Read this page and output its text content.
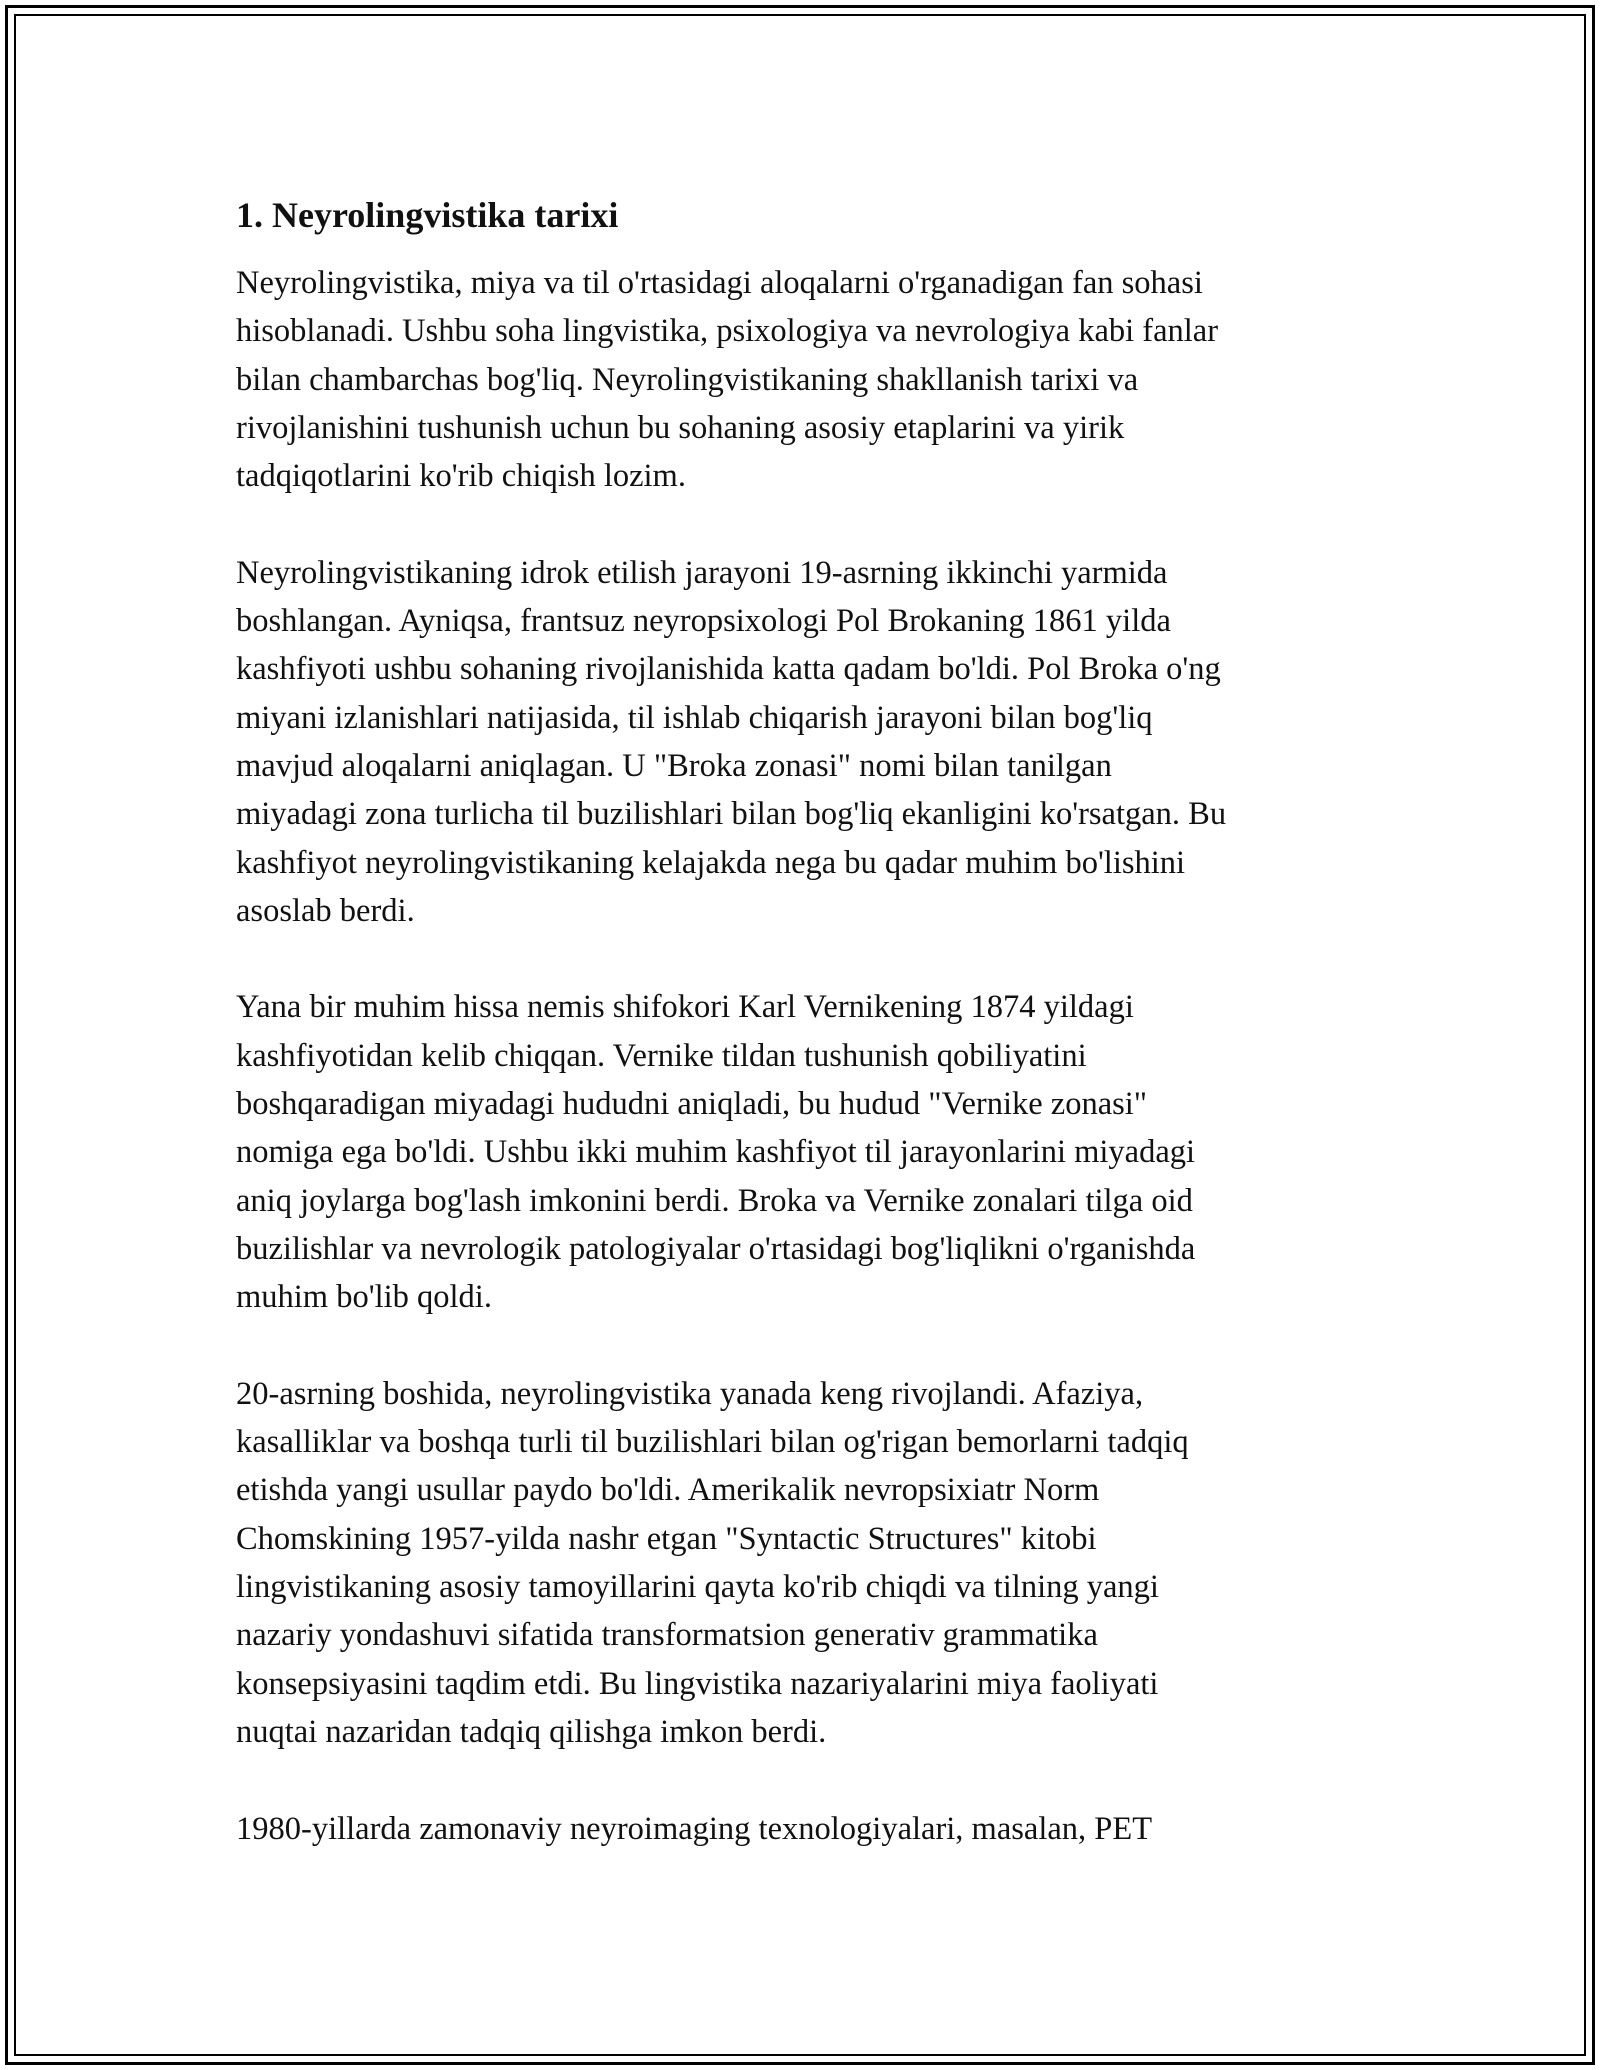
1. Neyrolingvistika tarixi

Neyrolingvistika, miya va til o'rtasidagi aloqalarni o'rganadigan fan sohasi
hisoblanadi. Ushbu soha lingvistika, psixologiya va nevrologiya kabi fanlar
bilan chambarchas bog'liq. Neyrolingvistikaning shakllanish tarixi va
rivojlanishini tushunish uchun bu sohaning asosiy etaplarini va yirik
tadqiqotlarini ko'rib chiqish lozim.

Neyrolingvistikaning idrok etilish jarayoni 19-asrning ikkinchi yarmida
boshlangan. Ayniqsa, frantsuz neyropsixologi Pol Brokaning 1861 yilda
kashfiyoti ushbu sohaning rivojlanishida katta qadam bo'ldi. Pol Broka o'ng
miyani izlanishlari natijasida, til ishlab chiqarish jarayoni bilan bog'liq
mavjud aloqalarni aniqlagan. U "Broka zonasi" nomi bilan tanilgan
miyadagi zona turlicha til buzilishlari bilan bog'liq ekanligini ko'rsatgan. Bu
kashfiyot neyrolingvistikaning kelajakda nega bu qadar muhim bo'lishini
asoslab berdi.

Yana bir muhim hissa nemis shifokori Karl Vernikening 1874 yildagi
kashfiyotidan kelib chiqqan. Vernike tildan tushunish qobiliyatini
boshqaradigan miyadagi hududni aniqladi, bu hudud "Vernike zonasi"
nomiga ega bo'ldi. Ushbu ikki muhim kashfiyot til jarayonlarini miyadagi
aniq joylarga bog'lash imkonini berdi. Broka va Vernike zonalari tilga oid
buzilishlar va nevrologik patologiyalar o'rtasidagi bog'liqlikni o'rganishda
muhim bo'lib qoldi.

20-asrning boshida, neyrolingvistika yanada keng rivojlandi. Afaziya,
kasalliklar va boshqa turli til buzilishlari bilan og'rigan bemorlarni tadqiq
etishda yangi usullar paydo bo'ldi. Amerikalik nevropsixiatr Norm
Chomskining 1957-yilda nashr etgan "Syntactic Structures" kitobi
lingvistikaning asosiy tamoyillarini qayta ko'rib chiqdi va tilning yangi
nazariy yondashuvi sifatida transformatsion generativ grammatika
konsepsiyasini taqdim etdi. Bu lingvistika nazariyalarini miya faoliyati
nuqtai nazaridan tadqiq qilishga imkon berdi.

1980-yillarda zamonaviy neyroimaging texnologiyalari, masalan, PET
